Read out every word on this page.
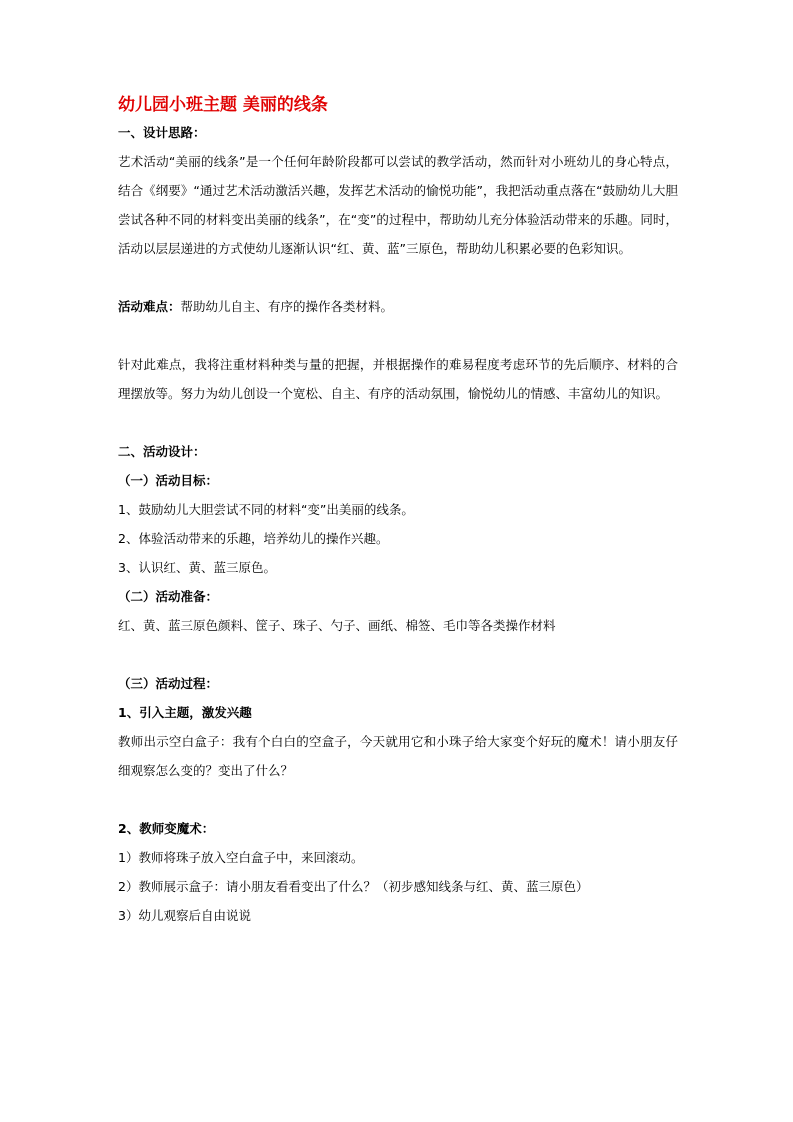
幼儿园小班主题 美丽的线条

一、设计思路：

艺术活动“美丽的线条”是一个任何年龄阶段都可以尝试的教学活动，然而针对小班幼儿的身心特点，结合《纲要》“通过艺术活动激活兴趣，发挥艺术活动的愉悦功能”，我把活动重点落在“鼓励幼儿大胆尝试各种不同的材料变出美丽的线条”，在“变”的过程中，帮助幼儿充分体验活动带来的乐趣。同时，活动以层层递进的方式使幼儿逐渐认识“红、黄、蓝”三原色，帮助幼儿积累必要的色彩知识。

活动难点：帮助幼儿自主、有序的操作各类材料。

针对此难点，我将注重材料种类与量的把握，并根据操作的难易程度考虑环节的先后顺序、材料的合理摆放等。努力为幼儿创设一个宽松、自主、有序的活动氛围，愉悦幼儿的情感、丰富幼儿的知识。

二、活动设计：

（一）活动目标：

1、鼓励幼儿大胆尝试不同的材料“变”出美丽的线条。

2、体验活动带来的乐趣，培养幼儿的操作兴趣。

3、认识红、黄、蓝三原色。

（二）活动准备：

红、黄、蓝三原色颜料、筐子、珠子、勺子、画纸、棉签、毛巾等各类操作材料

（三）活动过程：

1、引入主题，激发兴趣

教师出示空白盒子：我有个白白的空盒子，今天就用它和小珠子给大家变个好玩的魔术！请小朋友仔细观察怎么变的？变出了什么？

2、教师变魔术：

1）教师将珠子放入空白盒子中，来回滚动。

2）教师展示盒子：请小朋友看看变出了什么？（初步感知线条与红、黄、蓝三原色）

3）幼儿观察后自由说说
